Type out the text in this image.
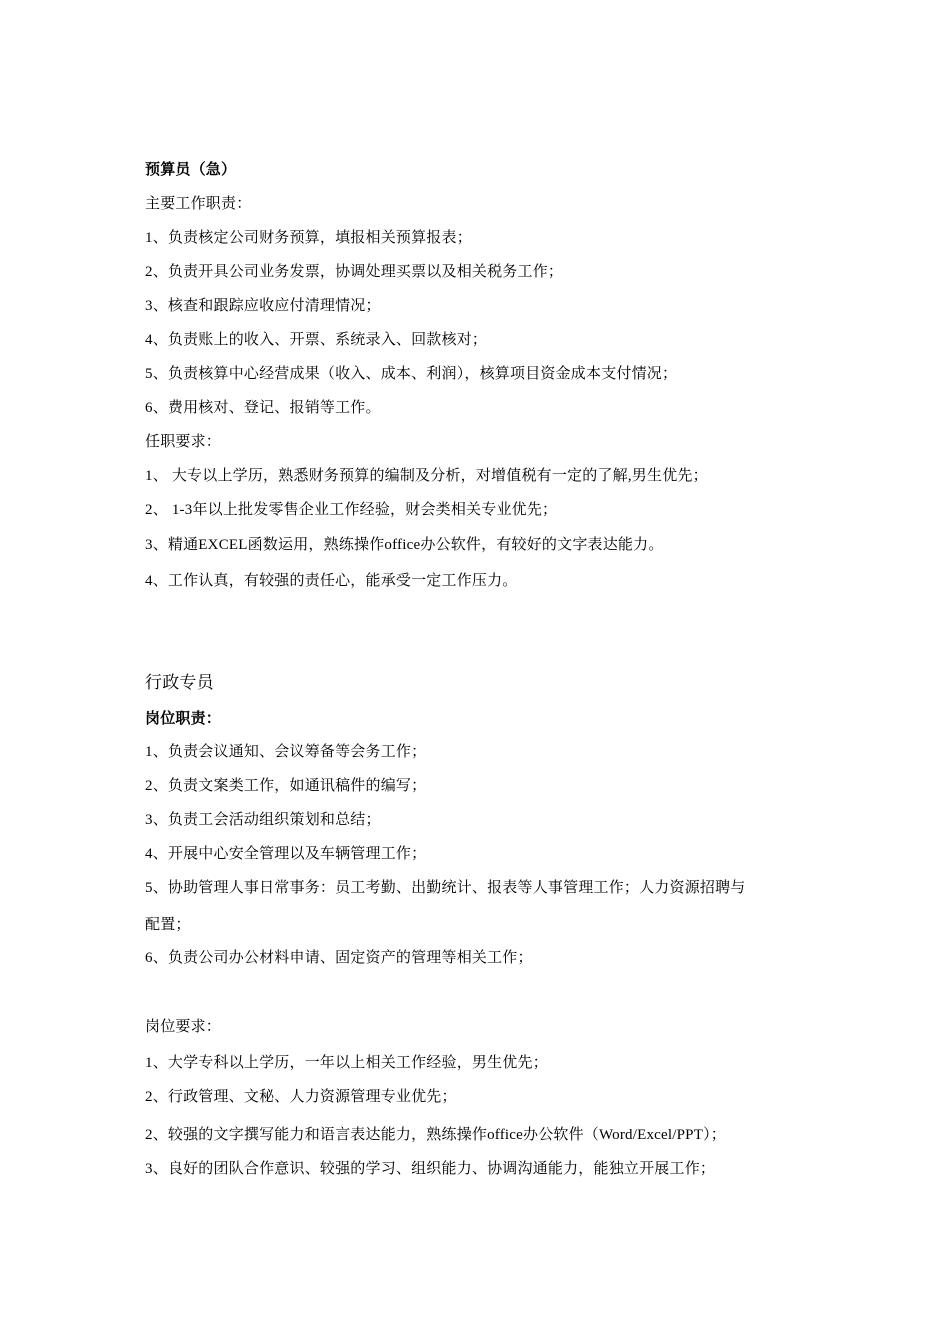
预算员（急）
主要工作职责：
1、负责核定公司财务预算，填报相关预算报表；
2、负责开具公司业务发票，协调处理买票以及相关税务工作；
3、核查和跟踪应收应付清理情况；
4、负责账上的收入、开票、系统录入、回款核对；
5、负责核算中心经营成果（收入、成本、利润），核算项目资金成本支付情况；
6、费用核对、登记、报销等工作。
任职要求：
1、 大专以上学历，熟悉财务预算的编制及分析，对增值税有一定的了解,男生优先；
2、 1-3年以上批发零售企业工作经验，财会类相关专业优先；
3、精通EXCEL函数运用，熟练操作office办公软件，有较好的文字表达能力。
4、工作认真，有较强的责任心，能承受一定工作压力。
行政专员
岗位职责：
1、负责会议通知、会议筹备等会务工作；
2、负责文案类工作，如通讯稿件的编写；
3、负责工会活动组织策划和总结；
4、开展中心安全管理以及车辆管理工作；
5、协助管理人事日常事务：员工考勤、出勤统计、报表等人事管理工作；人力资源招聘与
配置；
6、负责公司办公材料申请、固定资产的管理等相关工作；
岗位要求：
1、大学专科以上学历，一年以上相关工作经验，男生优先；
2、行政管理、文秘、人力资源管理专业优先；
2、较强的文字撰写能力和语言表达能力，熟练操作office办公软件（Word/Excel/PPT）；
3、良好的团队合作意识、较强的学习、组织能力、协调沟通能力，能独立开展工作；
